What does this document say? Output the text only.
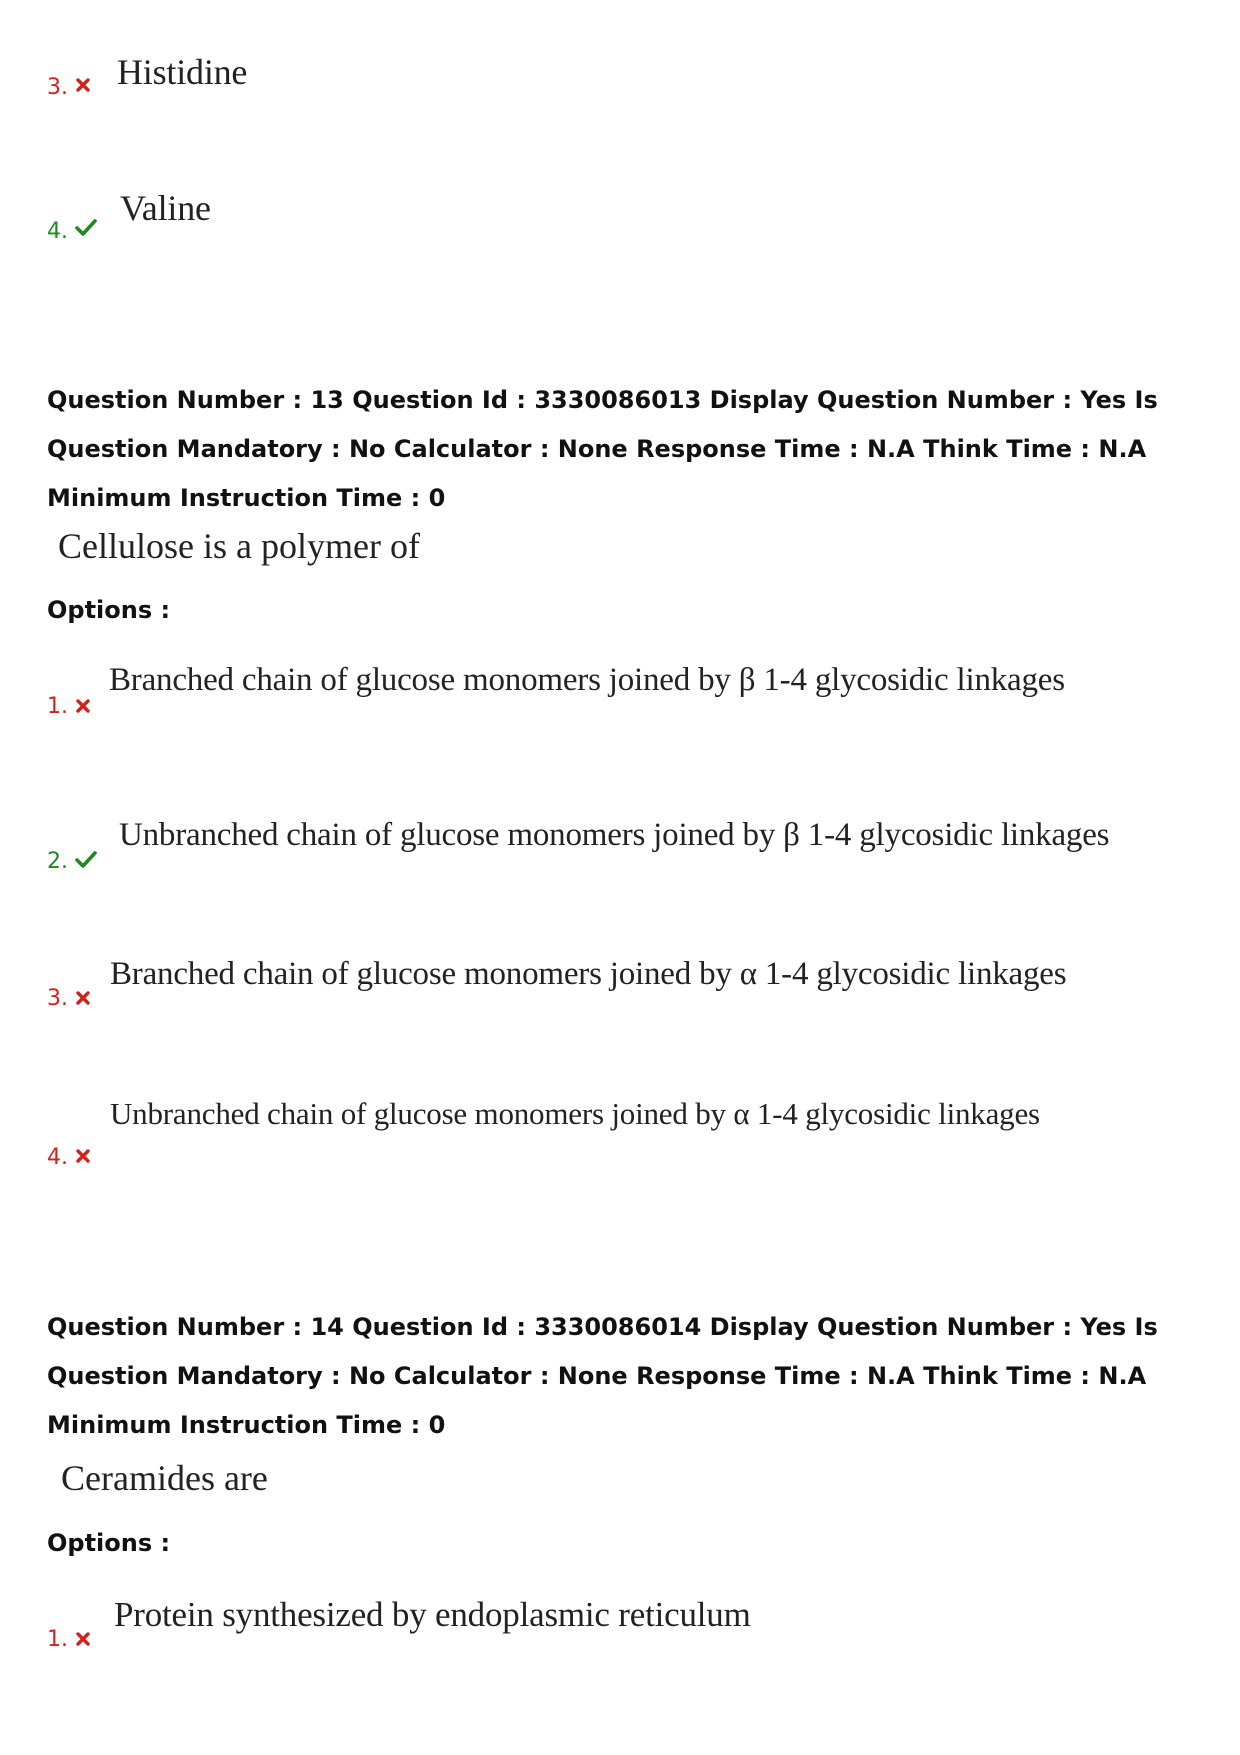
3. Histidine
4.
Valine
Question Number : 13 Question Id : 3330086013 Display Question Number : Yes Is Question Mandatory : No Calculator : None Response Time : N.A Think Time : N.A Minimum Instruction Time : 0
Cellulose is a polymer of
Options :
1.
Branched chain of glucose monomers joined by β 1-4 glycosidic linkages
2.
Unbranched chain of glucose monomers joined by β 1-4 glycosidic linkages
3.
Branched chain of glucose monomers joined by α 1-4 glycosidic linkages
4.
Unbranched chain of glucose monomers joined by α 1-4 glycosidic linkages
Question Number : 14 Question Id : 3330086014 Display Question Number : Yes Is Question Mandatory : No Calculator : None Response Time : N.A Think Time : N.A Minimum Instruction Time : 0
Ceramides are
Options :
1.
Protein synthesized by endoplasmic reticulum
